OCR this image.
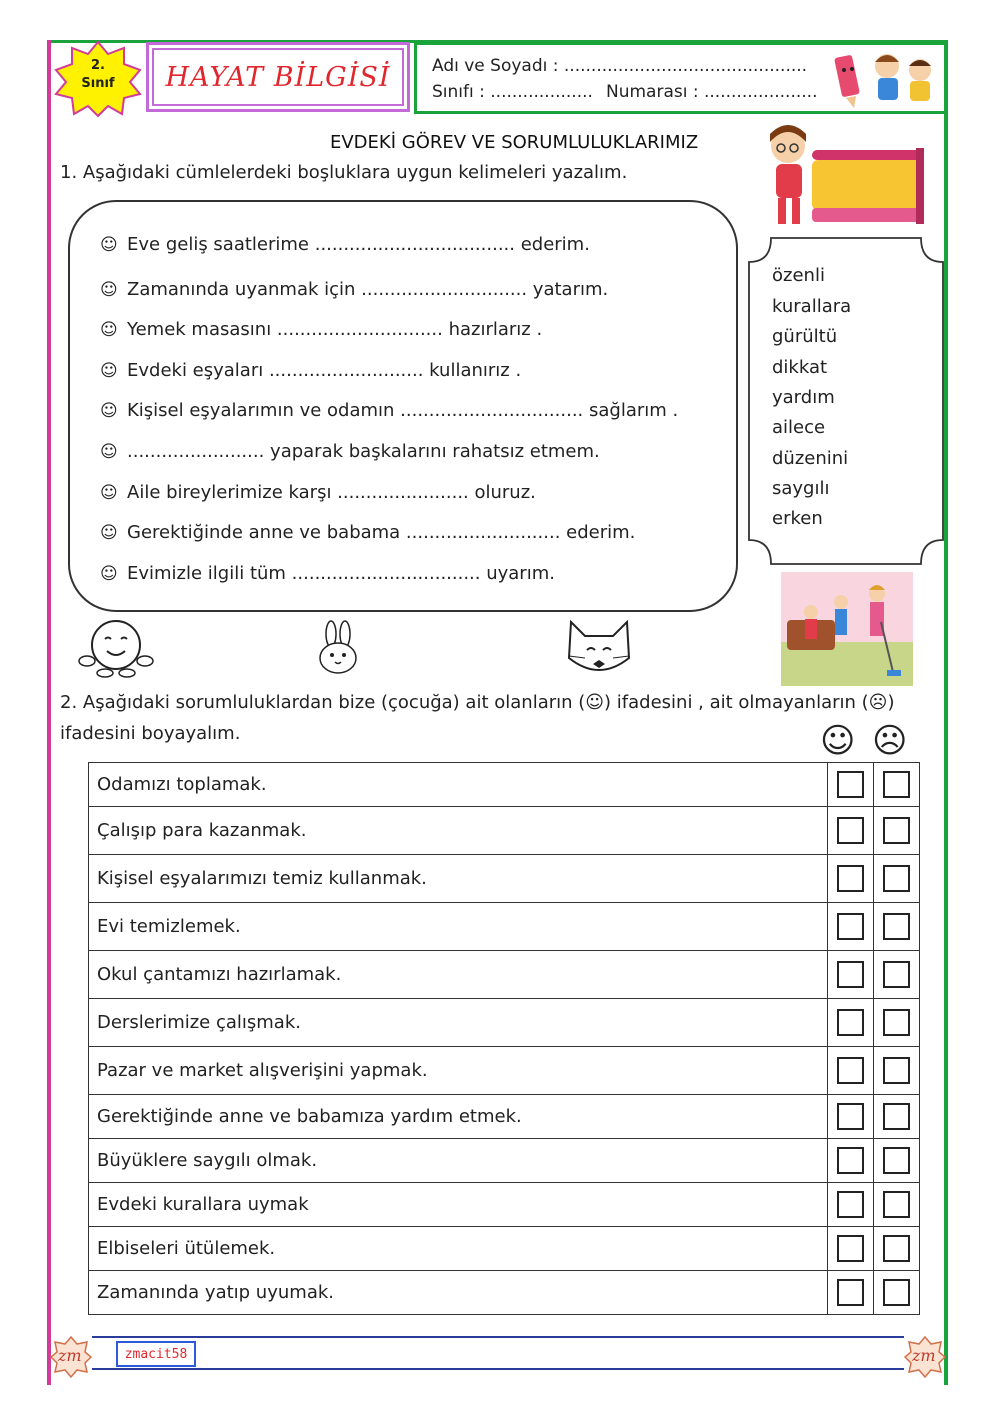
2.
Sınıf	HAYAT BİLGİSİ	Adı ve Soyadı : .............................................
Sınıfı : ................... Numarası : .....................
EVDEKİ GÖREV VE SORUMLULUKLARIMIZ
1. Aşağıdaki cümlelerdeki boşluklara uygun kelimeleri yazalım.
☺ Eve geliş saatlerime ................................... ederim.
☺ Zamanında uyanmak için ............................. yatarım.
☺ Yemek masasını ............................. hazırlarız .
☺ Evdeki eşyaları ........................... kullanırız .
☺ Kişisel eşyalarımın ve odamın ................................ sağlarım .
☺ ........................ yaparak başkalarını rahatsız etmem.
☺ Aile bireylerimize karşı ....................... oluruz.
☺ Gerektiğinde anne ve babama ........................... ederim.
☺ Evimizle ilgili tüm ................................. uyarım.
özenli
kurallara
gürültü
dikkat
yardım
ailece
düzenini
saygılı
erken
2. Aşağıdaki sorumluluklardan bize (çocuğa) ait olanların (☺) ifadesini , ait olmayanların (☹)
ifadesini boyayalım.	☺ ☹
Odamızı toplamak.		
Çalışıp para kazanmak.		
Kişisel eşyalarımızı temiz kullanmak.		
Evi temizlemek.		
Okul çantamızı hazırlamak.		
Derslerimize çalışmak.		
Pazar ve market alışverişini yapmak.		
Gerektiğinde anne ve babamıza yardım etmek.		
Büyüklere saygılı olmak.		
Evdeki kurallara uymak		
Elbiseleri ütülemek.		
Zamanında yatıp uyumak.		
zmacit58
zm	zm
